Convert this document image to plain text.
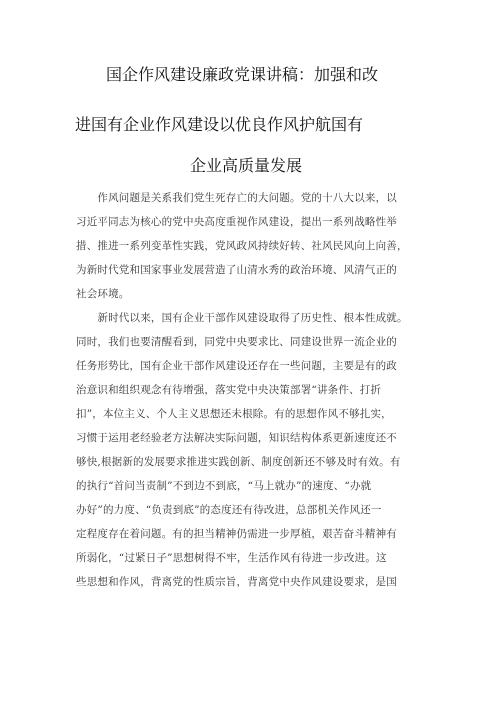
国企作风建设廉政党课讲稿：加强和改
进国有企业作风建设以优良作风护航国有
企业高质量发展
　　作风问题是关系我们党生死存亡的大问题。党的十八大以来，以
习近平同志为核心的党中央高度重视作风建设，提出一系列战略性举
措、推进一系列变革性实践，党风政风持续好转、社风民风向上向善，
为新时代党和国家事业发展营造了山清水秀的政治环境、风清气正的
社会环境。
　　新时代以来，国有企业干部作风建设取得了历史性、根本性成就。
同时，我们也要清醒看到，同党中央要求比、同建设世界一流企业的
任务形势比，国有企业干部作风建设还存在一些问题，主要是有的政
治意识和组织观念有待增强，落实党中央决策部署“讲条件、打折
扣”，本位主义、个人主义思想还未根除。有的思想作风不够扎实，
习惯于运用老经验老方法解决实际问题，知识结构体系更新速度还不
够快,根据新的发展要求推进实践创新、制度创新还不够及时有效。有
的执行“首问当责制”不到边不到底，“马上就办”的速度、“办就
办好”的力度、“负责到底”的态度还有待改进，总部机关作风还一
定程度存在着问题。有的担当精神仍需进一步厚植，艰苦奋斗精神有
所弱化，“过紧日子”思想树得不牢，生活作风有待进一步改进。这
些思想和作风，背离党的性质宗旨，背离党中央作风建设要求，是国
